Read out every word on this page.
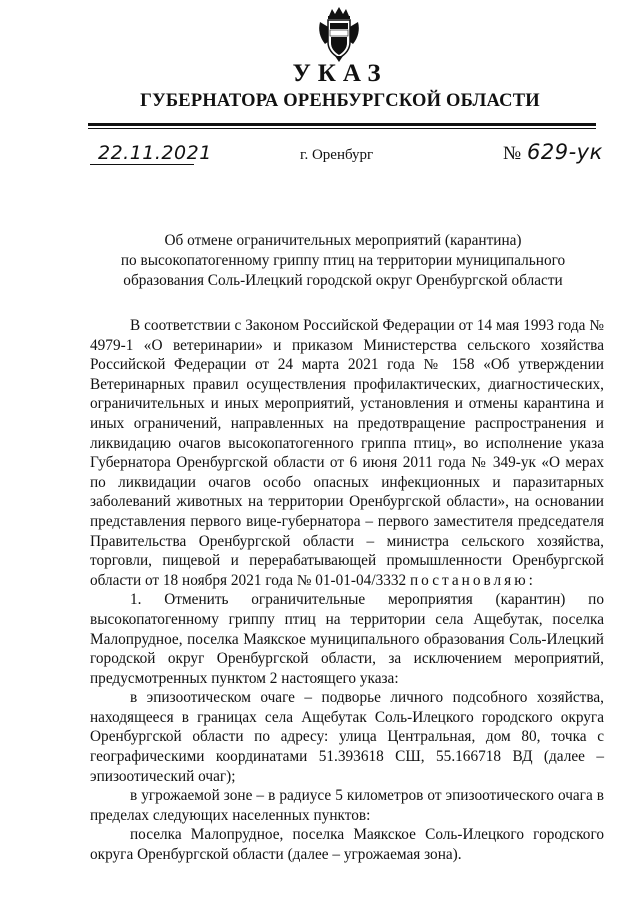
УКАЗ
ГУБЕРНАТОРА ОРЕНБУРГСКОЙ ОБЛАСТИ
22.11.2021	г. Оренбург	№ 629-ук
Об отмене ограничительных мероприятий (карантина)
по высокопатогенному гриппу птиц на территории муниципального
образования Соль-Илецкий городской округ Оренбургской области
В соответствии с Законом Российской Федерации от 14 мая 1993 года № 4979-1 «О ветеринарии» и приказом Министерства сельского хозяйства Российской Федерации от 24 марта 2021 года № 158 «Об утверждении Ветеринарных правил осуществления профилактических, диагностических, ограничительных и иных мероприятий, установления и отмены карантина и иных ограничений, направленных на предотвращение распространения и ликвидацию очагов высокопатогенного гриппа птиц», во исполнение указа Губернатора Оренбургской области от 6 июня 2011 года № 349-ук «О мерах по ликвидации очагов особо опасных инфекционных и паразитарных заболеваний животных на территории Оренбургской области», на основании представления первого вице-губернатора – первого заместителя председателя Правительства Оренбургской области – министра сельского хозяйства, торговли, пищевой и перерабатывающей промышленности Оренбургской области от 18 ноября 2021 года № 01-01-04/3332 постановляю:
1. Отменить ограничительные мероприятия (карантин) по высокопатогенному гриппу птиц на территории села Ащебутак, поселка Малопрудное, поселка Маякское муниципального образования Соль-Илецкий городской округ Оренбургской области, за исключением мероприятий, предусмотренных пунктом 2 настоящего указа:
в эпизоотическом очаге – подворье личного подсобного хозяйства, находящееся в границах села Ащебутак Соль-Илецкого городского округа Оренбургской области по адресу: улица Центральная, дом 80, точка с географическими координатами 51.393618 СШ, 55.166718 ВД (далее – эпизоотический очаг);
в угрожаемой зоне – в радиусе 5 километров от эпизоотического очага в пределах следующих населенных пунктов:
поселка Малопрудное, поселка Маякское Соль-Илецкого городского округа Оренбургской области (далее – угрожаемая зона).
